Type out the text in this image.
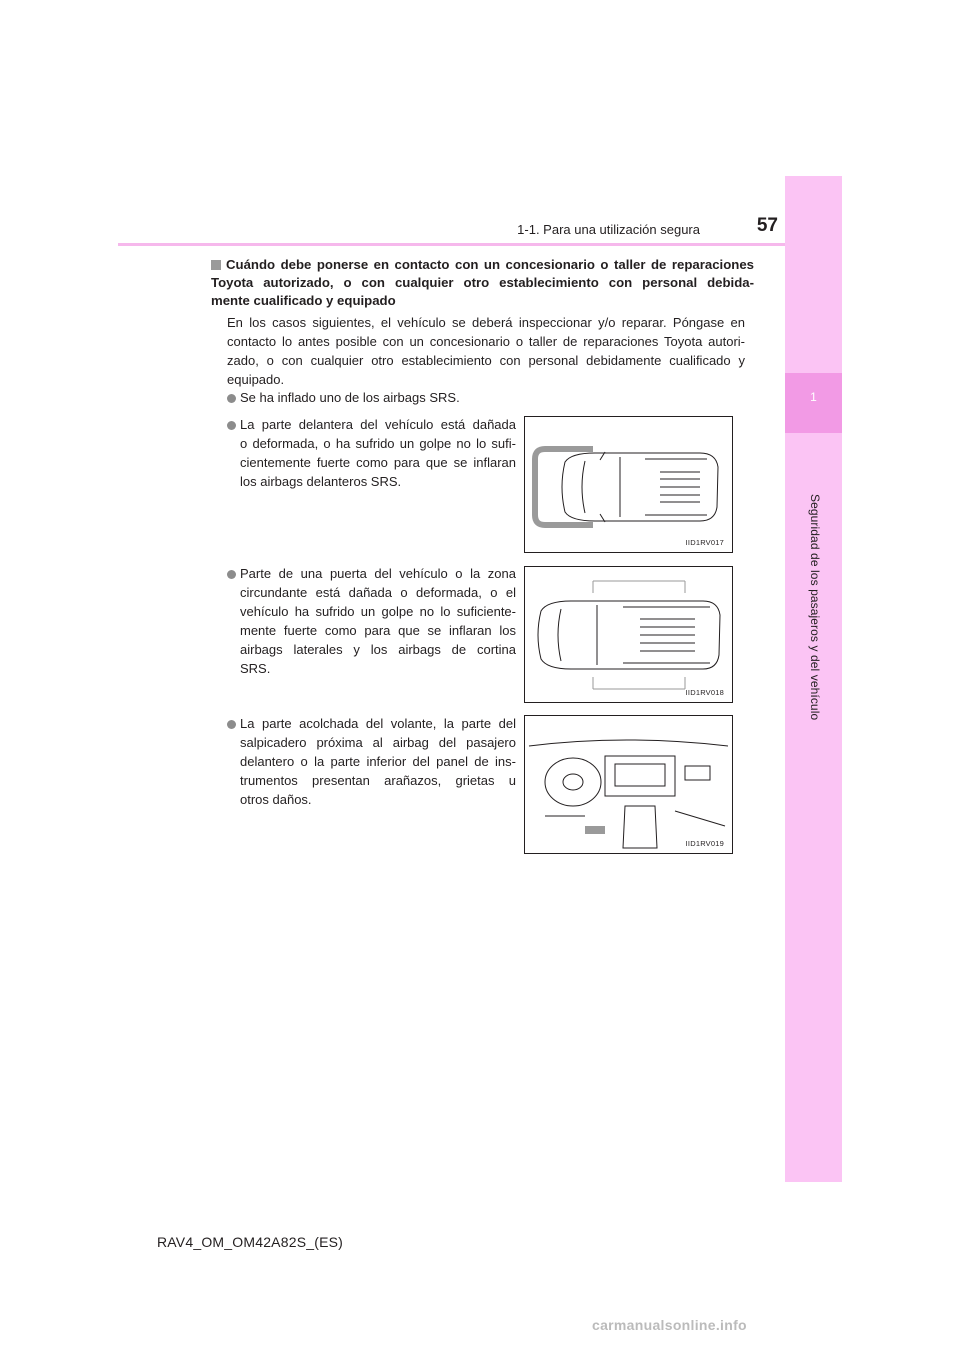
1
Seguridad de los pasajeros y del vehículo
1-1. Para una utilización segura	57
Cuándo debe ponerse en contacto con un concesionario o taller de reparaciones
Toyota autorizado, o con cualquier otro establecimiento con personal debida-
mente cualificado y equipado
En los casos siguientes, el vehículo se deberá inspeccionar y/o reparar. Póngase en
contacto lo antes posible con un concesionario o taller de reparaciones Toyota autori-
zado, o con cualquier otro establecimiento con personal debidamente cualificado y
equipado.
Se ha inflado uno de los airbags SRS.
La parte delantera del vehículo está dañada
o deformada, o ha sufrido un golpe no lo sufi-
cientemente fuerte como para que se inflaran
los airbags delanteros SRS.
IID1RV017
Parte de una puerta del vehículo o la zona
circundante está dañada o deformada, o el
vehículo ha sufrido un golpe no lo suficiente-
mente fuerte como para que se inflaran los
airbags laterales y los airbags de cortina
SRS.
IID1RV018
La parte acolchada del volante, la parte del
salpicadero próxima al airbag del pasajero
delantero o la parte inferior del panel de ins-
trumentos presentan arañazos, grietas u
otros daños.
IID1RV019
RAV4_OM_OM42A82S_(ES)
carmanualsonline.info
